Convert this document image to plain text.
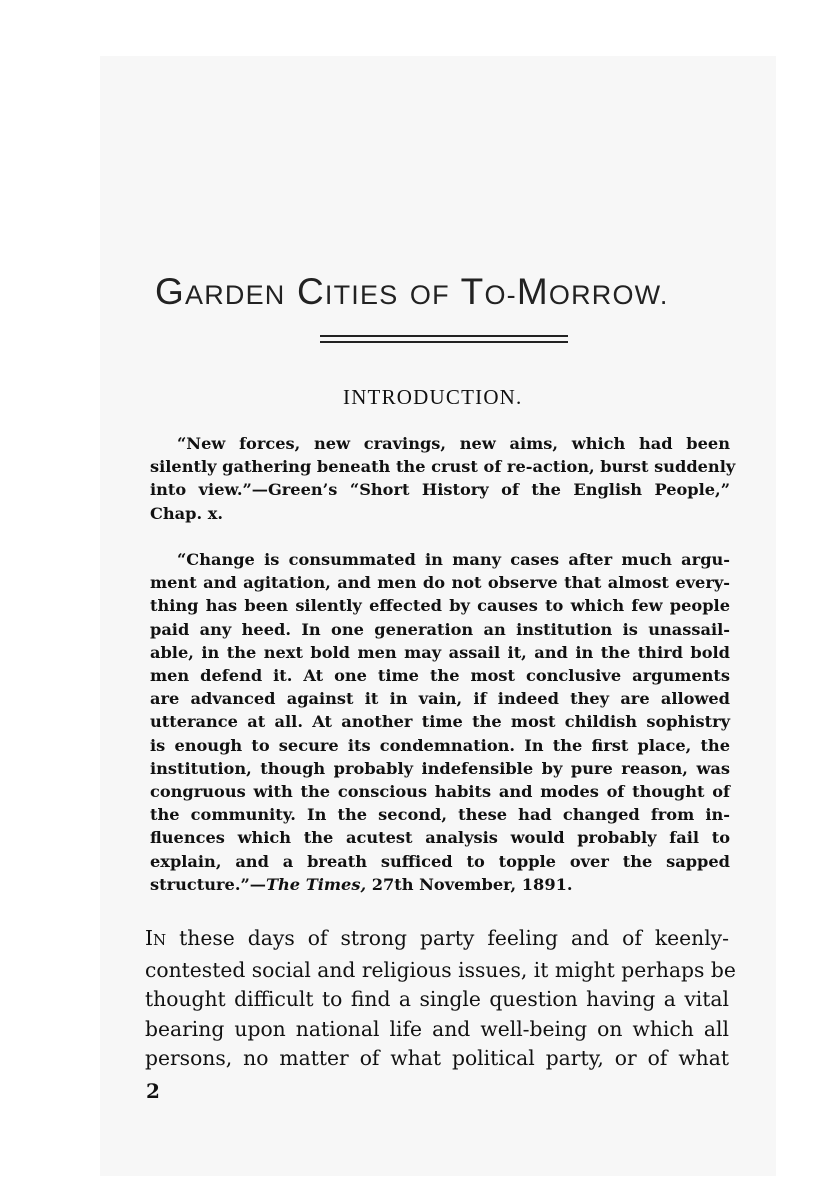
GARDEN CITIES OF TO-MORROW.
INTRODUCTION.
“New forces, new cravings, new aims, which had been
silently gathering beneath the crust of re-action, burst suddenly
into view.”—Green’s “Short History of the English People,”
Chap. x.
“Change is consummated in many cases after much argu-
ment and agitation, and men do not observe that almost every-
thing has been silently effected by causes to which few people
paid any heed. In one generation an institution is unassail-
able, in the next bold men may assail it, and in the third bold
men defend it. At one time the most conclusive arguments
are advanced against it in vain, if indeed they are allowed
utterance at all. At another time the most childish sophistry
is enough to secure its condemnation. In the first place, the
institution, though probably indefensible by pure reason, was
congruous with the conscious habits and modes of thought of
the community. In the second, these had changed from in-
fluences which the acutest analysis would probably fail to
explain, and a breath sufficed to topple over the sapped
structure.”—The Times, 27th November, 1891.
IN these days of strong party feeling and of keenly-
contested social and religious issues, it might perhaps be
thought difficult to find a single question having a vital
bearing upon national life and well-being on which all
persons, no matter of what political party, or of what
2
